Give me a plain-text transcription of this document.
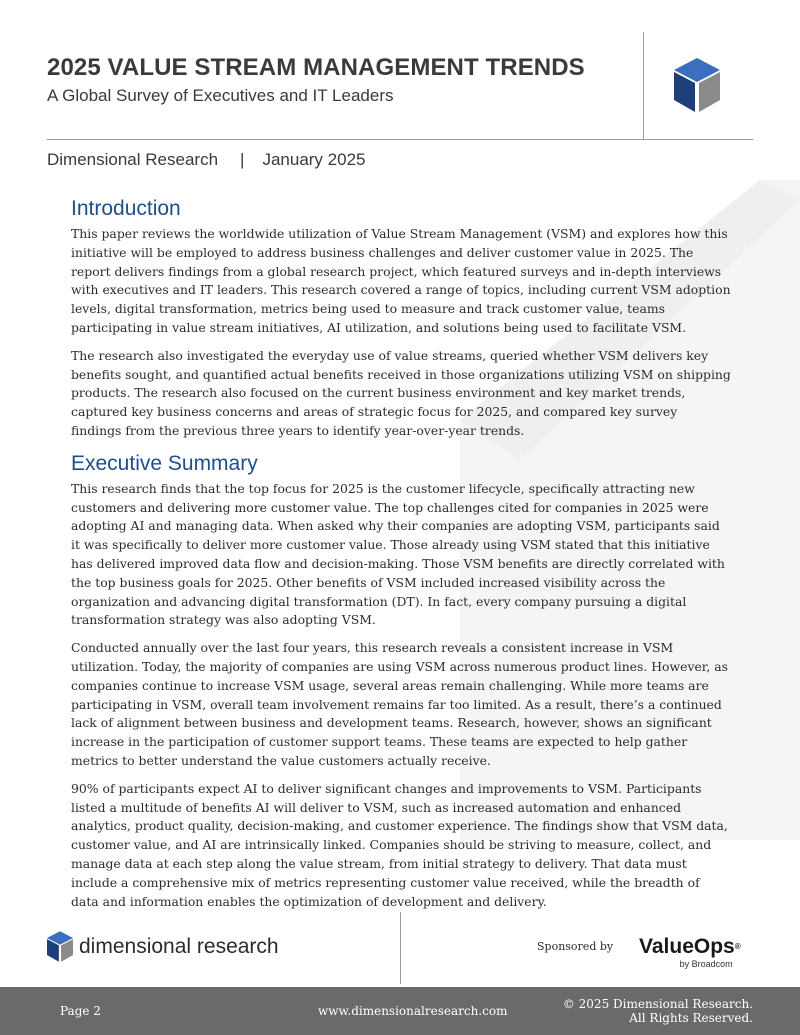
2025 VALUE STREAM MANAGEMENT TRENDS
A Global Survey of Executives and IT Leaders
Dimensional Research | January 2025
Introduction

This paper reviews the worldwide utilization of Value Stream Management (VSM) and explores how this initiative will be employed to address business challenges and deliver customer value in 2025. The report delivers findings from a global research project, which featured surveys and in-depth interviews with executives and IT leaders. This research covered a range of topics, including current VSM adoption levels, digital transformation, metrics being used to measure and track customer value, teams participating in value stream initiatives, AI utilization, and solutions being used to facilitate VSM.

The research also investigated the everyday use of value streams, queried whether VSM delivers key benefits sought, and quantified actual benefits received in those organizations utilizing VSM on shipping products. The research also focused on the current business environment and key market trends, captured key business concerns and areas of strategic focus for 2025, and compared key survey findings from the previous three years to identify year-over-year trends.

Executive Summary

This research finds that the top focus for 2025 is the customer lifecycle, specifically attracting new customers and delivering more customer value. The top challenges cited for companies in 2025 were adopting AI and managing data. When asked why their companies are adopting VSM, participants said it was specifically to deliver more customer value. Those already using VSM stated that this initiative has delivered improved data flow and decision-making. Those VSM benefits are directly correlated with the top business goals for 2025. Other benefits of VSM included increased visibility across the organization and advancing digital transformation (DT). In fact, every company pursuing a digital transformation strategy was also adopting VSM.

Conducted annually over the last four years, this research reveals a consistent increase in VSM utilization. Today, the majority of companies are using VSM across numerous product lines. However, as companies continue to increase VSM usage, several areas remain challenging. While more teams are participating in VSM, overall team involvement remains far too limited. As a result, there’s a continued lack of alignment between business and development teams. Research, however, shows an significant increase in the participation of customer support teams. These teams are expected to help gather metrics to better understand the value customers actually receive.

90% of participants expect AI to deliver significant changes and improvements to VSM. Participants listed a multitude of benefits AI will deliver to VSM, such as increased automation and enhanced analytics, product quality, decision-making, and customer experience. The findings show that VSM data, customer value, and AI are intrinsically linked. Companies should be striving to measure, collect, and manage data at each step along the value stream, from initial strategy to delivery. That data must include a comprehensive mix of metrics representing customer value received, while the breadth of data and information enables the optimization of development and delivery.

dimensional research	Sponsored by ValueOps®
by Broadcom
Page 2	www.dimensionalresearch.com	© 2025 Dimensional Research.
All Rights Reserved.
